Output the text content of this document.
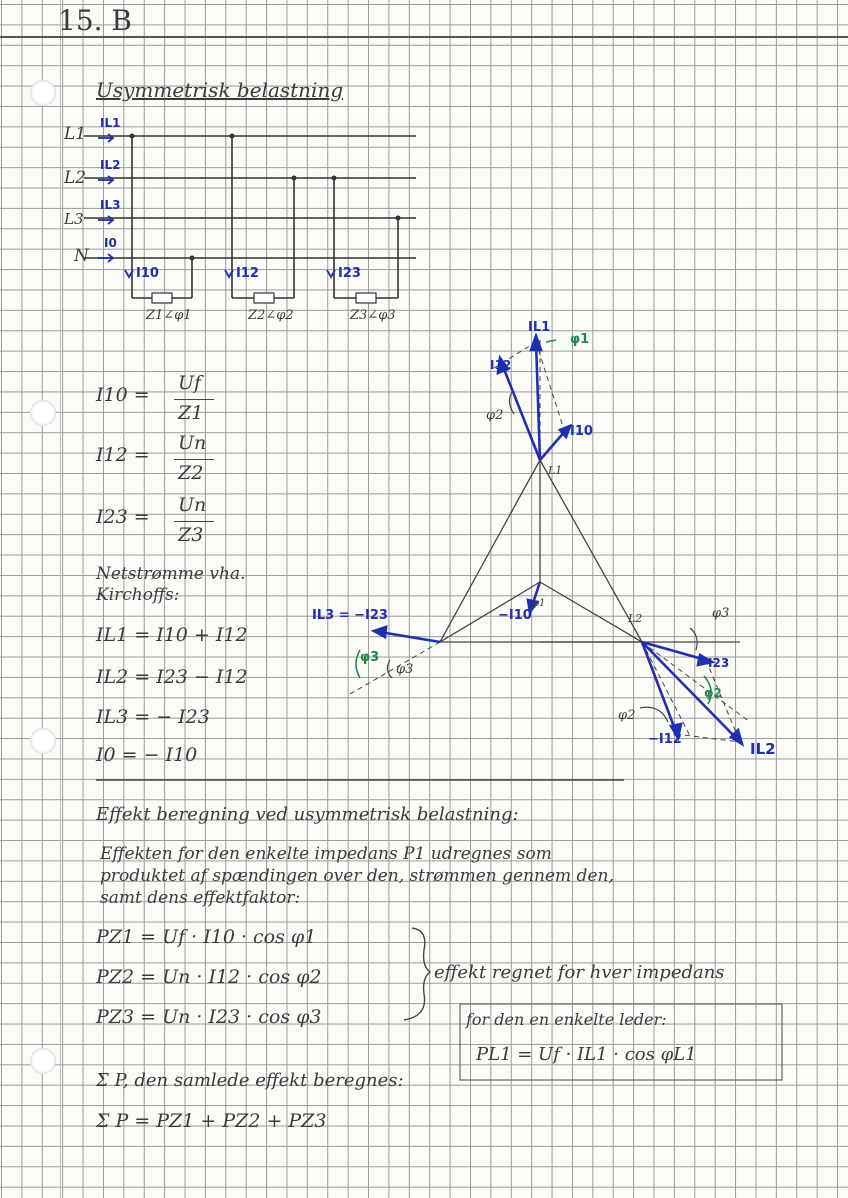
15. B
Usymmetrisk belastning
L1
L2
L3
N
IL1
IL2
IL3
I0
I10	I12	I23
Z1∠φ1	Z2∠φ2	Z3∠φ3
I10 =
Uf
Z1
I12 =
Un
Z2
I23 =
Un
Z3
Netstrømme vha.
Kirchoffs:
IL1 = I10 + I12
IL2 = I23 − I12
IL3 = − I23
I0 = − I10
IL1
φ1
I12
φ2
I10
L1
IL3 = −I23
φ3
φ3
−I10
φ1
L2	φ3
I23
φ2
φ2
−I12
IL2
Effekt beregning ved usymmetrisk belastning:
Effekten for den enkelte impedans P1 udregnes som
produktet af spændingen over den, strømmen gennem den,
samt dens effektfaktor:
PZ1 = Uf · I10 · cos φ1
PZ2 = Un · I12 · cos φ2
PZ3 = Un · I23 · cos φ3
effekt regnet for hver impedans
for den en enkelte leder:
PL1 = Uf · IL1 · cos φL1
Σ P, den samlede effekt beregnes:
Σ P = PZ1 + PZ2 + PZ3
